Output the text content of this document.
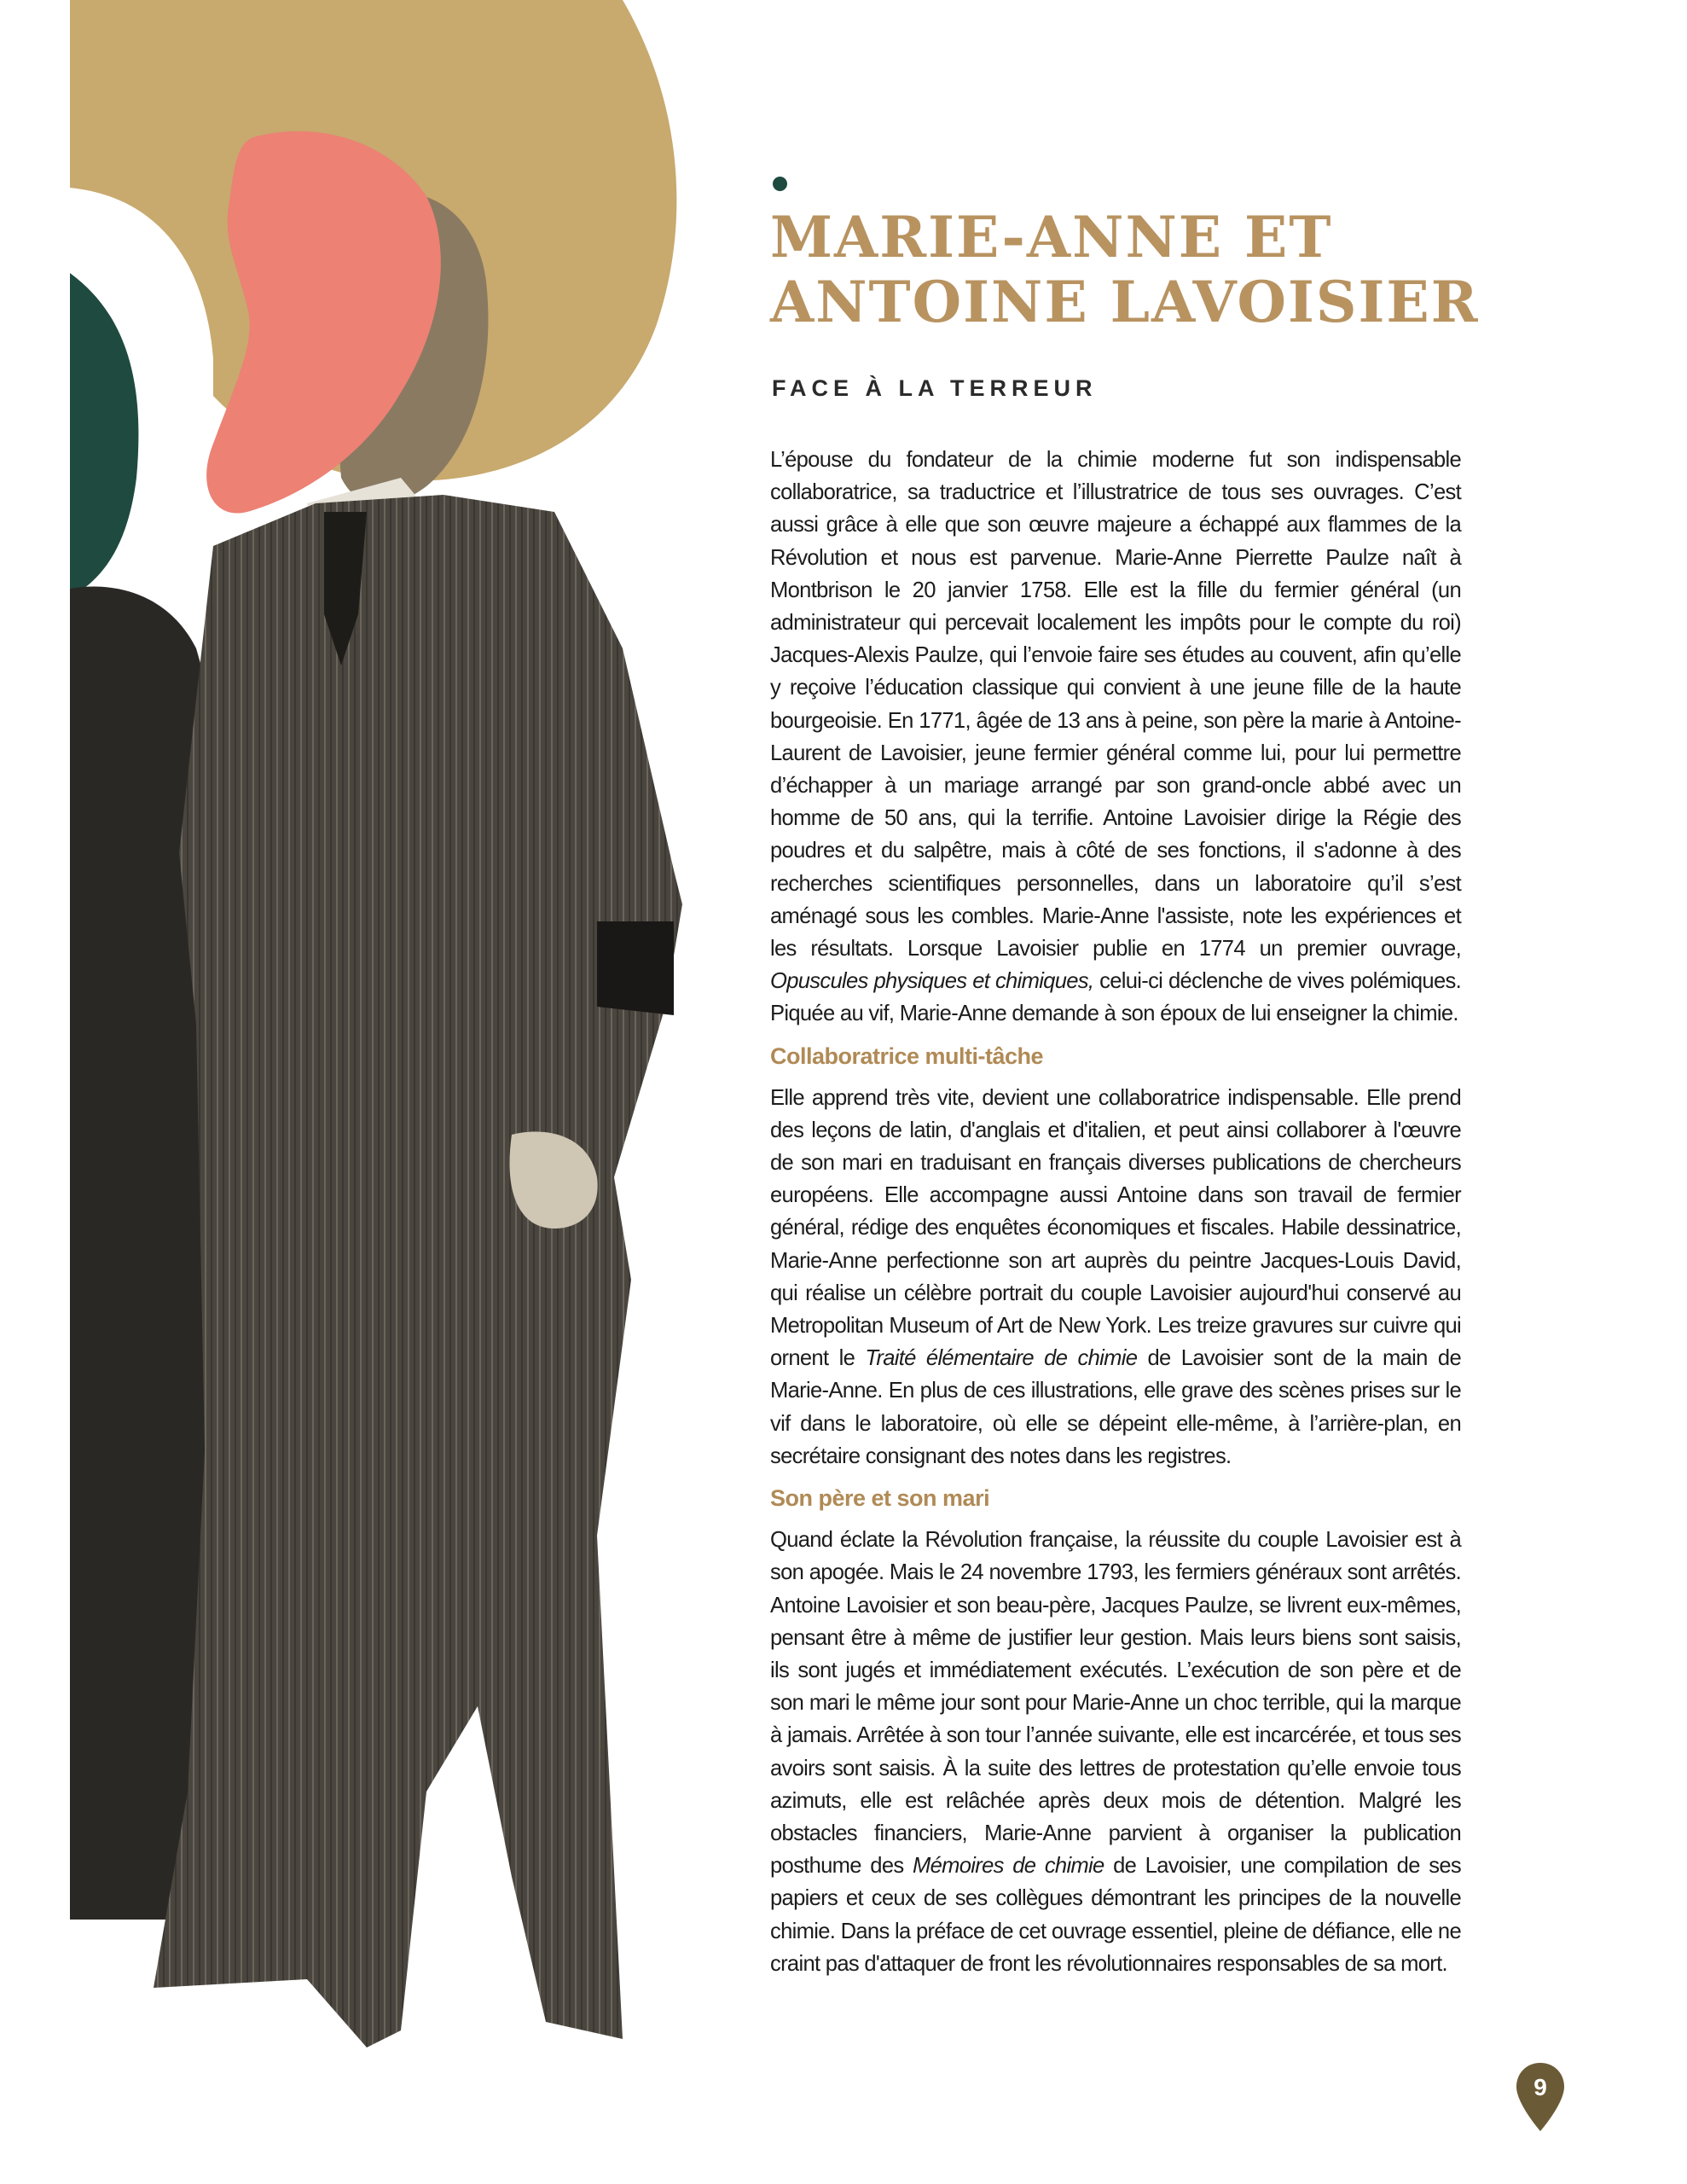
MARIE-ANNE ET
ANTOINE LAVOISIER
FACE À LA TERREUR

L’épouse du fondateur de la chimie moderne fut son indispensable collaboratrice, sa traductrice et l’illustratrice de tous ses ouvrages. C’est aussi grâce à elle que son œuvre majeure a échappé aux flammes de la Révolution et nous est parvenue. Marie-Anne Pierrette Paulze naît à Montbrison le 20 janvier 1758. Elle est la fille du fermier général (un administrateur qui percevait localement les impôts pour le compte du roi) Jacques-Alexis Paulze, qui l’envoie faire ses études au couvent, afin qu’elle y reçoive l’éducation classique qui convient à une jeune fille de la haute bourgeoisie. En 1771, âgée de 13 ans à peine, son père la marie à Antoine-Laurent de Lavoisier, jeune fermier général comme lui, pour lui permettre d’échapper à un mariage arrangé par son grand-oncle abbé avec un homme de 50 ans, qui la terrifie. Antoine Lavoisier dirige la Régie des poudres et du salpêtre, mais à côté de ses fonctions, il s'adonne à des recherches scientifiques personnelles, dans un laboratoire qu’il s’est aménagé sous les combles. Marie-Anne l'assiste, note les expériences et les résultats. Lorsque Lavoisier publie en 1774 un premier ouvrage, Opuscules physiques et chimiques, celui-ci déclenche de vives polémiques. Piquée au vif, Marie-Anne demande à son époux de lui enseigner la chimie.

Collaboratrice multi-tâche

Elle apprend très vite, devient une collaboratrice indispensable. Elle prend des leçons de latin, d'anglais et d'italien, et peut ainsi collaborer à l'œuvre de son mari en traduisant en français diverses publications de chercheurs européens. Elle accompagne aussi Antoine dans son travail de fermier général, rédige des enquêtes économiques et fiscales. Habile dessinatrice, Marie-Anne perfectionne son art auprès du peintre Jacques-Louis David, qui réalise un célèbre portrait du couple Lavoisier aujourd'hui conservé au Metropolitan Museum of Art de New York. Les treize gravures sur cuivre qui ornent le Traité élémentaire de chimie de Lavoisier sont de la main de Marie-Anne. En plus de ces illustrations, elle grave des scènes prises sur le vif dans le laboratoire, où elle se dépeint elle-même, à l’arrière-plan, en secrétaire consignant des notes dans les registres.

Son père et son mari

Quand éclate la Révolution française, la réussite du couple Lavoisier est à son apogée. Mais le 24 novembre 1793, les fermiers généraux sont arrêtés. Antoine Lavoisier et son beau-père, Jacques Paulze, se livrent eux-mêmes, pensant être à même de justifier leur gestion. Mais leurs biens sont saisis, ils sont jugés et immédiatement exécutés. L’exécution de son père et de son mari le même jour sont pour Marie-Anne un choc terrible, qui la marque à jamais. Arrêtée à son tour l’année suivante, elle est incarcérée, et tous ses avoirs sont saisis. À la suite des lettres de protestation qu’elle envoie tous azimuts, elle est relâchée après deux mois de détention. Malgré les obstacles financiers, Marie-Anne parvient à organiser la publication posthume des Mémoires de chimie de Lavoisier, une compilation de ses papiers et ceux de ses collègues démontrant les principes de la nouvelle chimie. Dans la préface de cet ouvrage essentiel, pleine de défiance, elle ne craint pas d'attaquer de front les révolutionnaires responsables de sa mort.

9
